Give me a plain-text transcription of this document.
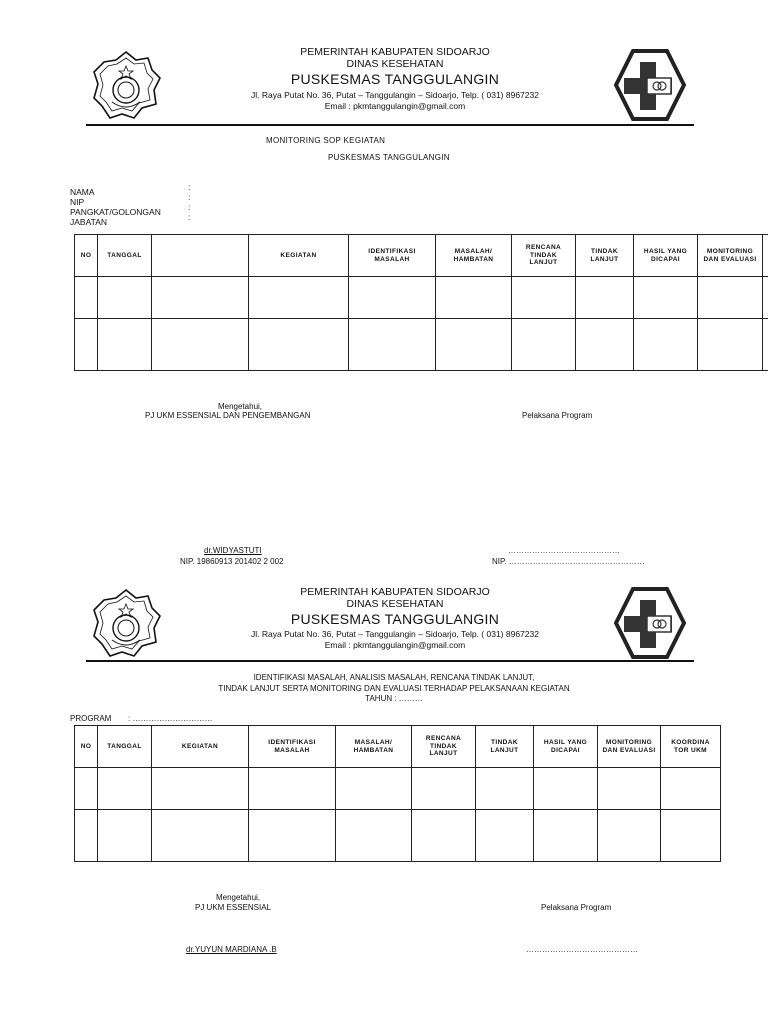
PEMERINTAH KABUPATEN SIDOARJO
DINAS KESEHATAN
PUSKESMAS TANGGULANGIN
Jl. Raya Putat No. 36, Putat – Tanggulangin – Sidoarjo, Telp. ( 031) 8967232
Email : pkmtanggulangin@gmail.com
MONITORING SOP KEGIATAN
PUSKESMAS TANGGULANGIN
NAMA	:
NIP	:
PANGKAT/GOLONGAN	:
JABATAN	:
NO	TANGGAL		KEGIATAN	IDENTIFIKASI MASALAH	MASALAH/ HAMBATAN	RENCANA TINDAK LANJUT	TINDAK LANJUT	HASIL YANG DICAPAI	MONITORING DAN EVALUASI	

Mengetahui,
PJ UKM ESSENSIAL DAN PENGEMBANGAN	Pelaksana Program
dr.WIDYASTUTI
NIP. 19860913 201402 2 002
……………………………………
NIP. ……………………………………………
PEMERINTAH KABUPATEN SIDOARJO
DINAS KESEHATAN
PUSKESMAS TANGGULANGIN
Jl. Raya Putat No. 36, Putat – Tanggulangin – Sidoarjo, Telp. ( 031) 8967232
Email : pkmtanggulangin@gmail.com
IDENTIFIKASI MASALAH, ANALISIS MASALAH, RENCANA TINDAK LANJUT,
TINDAK LANJUT SERTA MONITORING DAN EVALUASI TERHADAP PELAKSANAAN KEGIATAN
TAHUN : ………
PROGRAM : …………………………
NO	TANGGAL	KEGIATAN	IDENTIFIKASI MASALAH	MASALAH/ HAMBATAN	RENCANA TINDAK LANJUT	TINDAK LANJUT	HASIL YANG DICAPAI	MONITORING DAN EVALUASI	KOORDINA TOR UKM

Mengetahui,
PJ UKM ESSENSIAL	Pelaksana Program
dr.YUYUN MARDIANA .B	……………………………………
